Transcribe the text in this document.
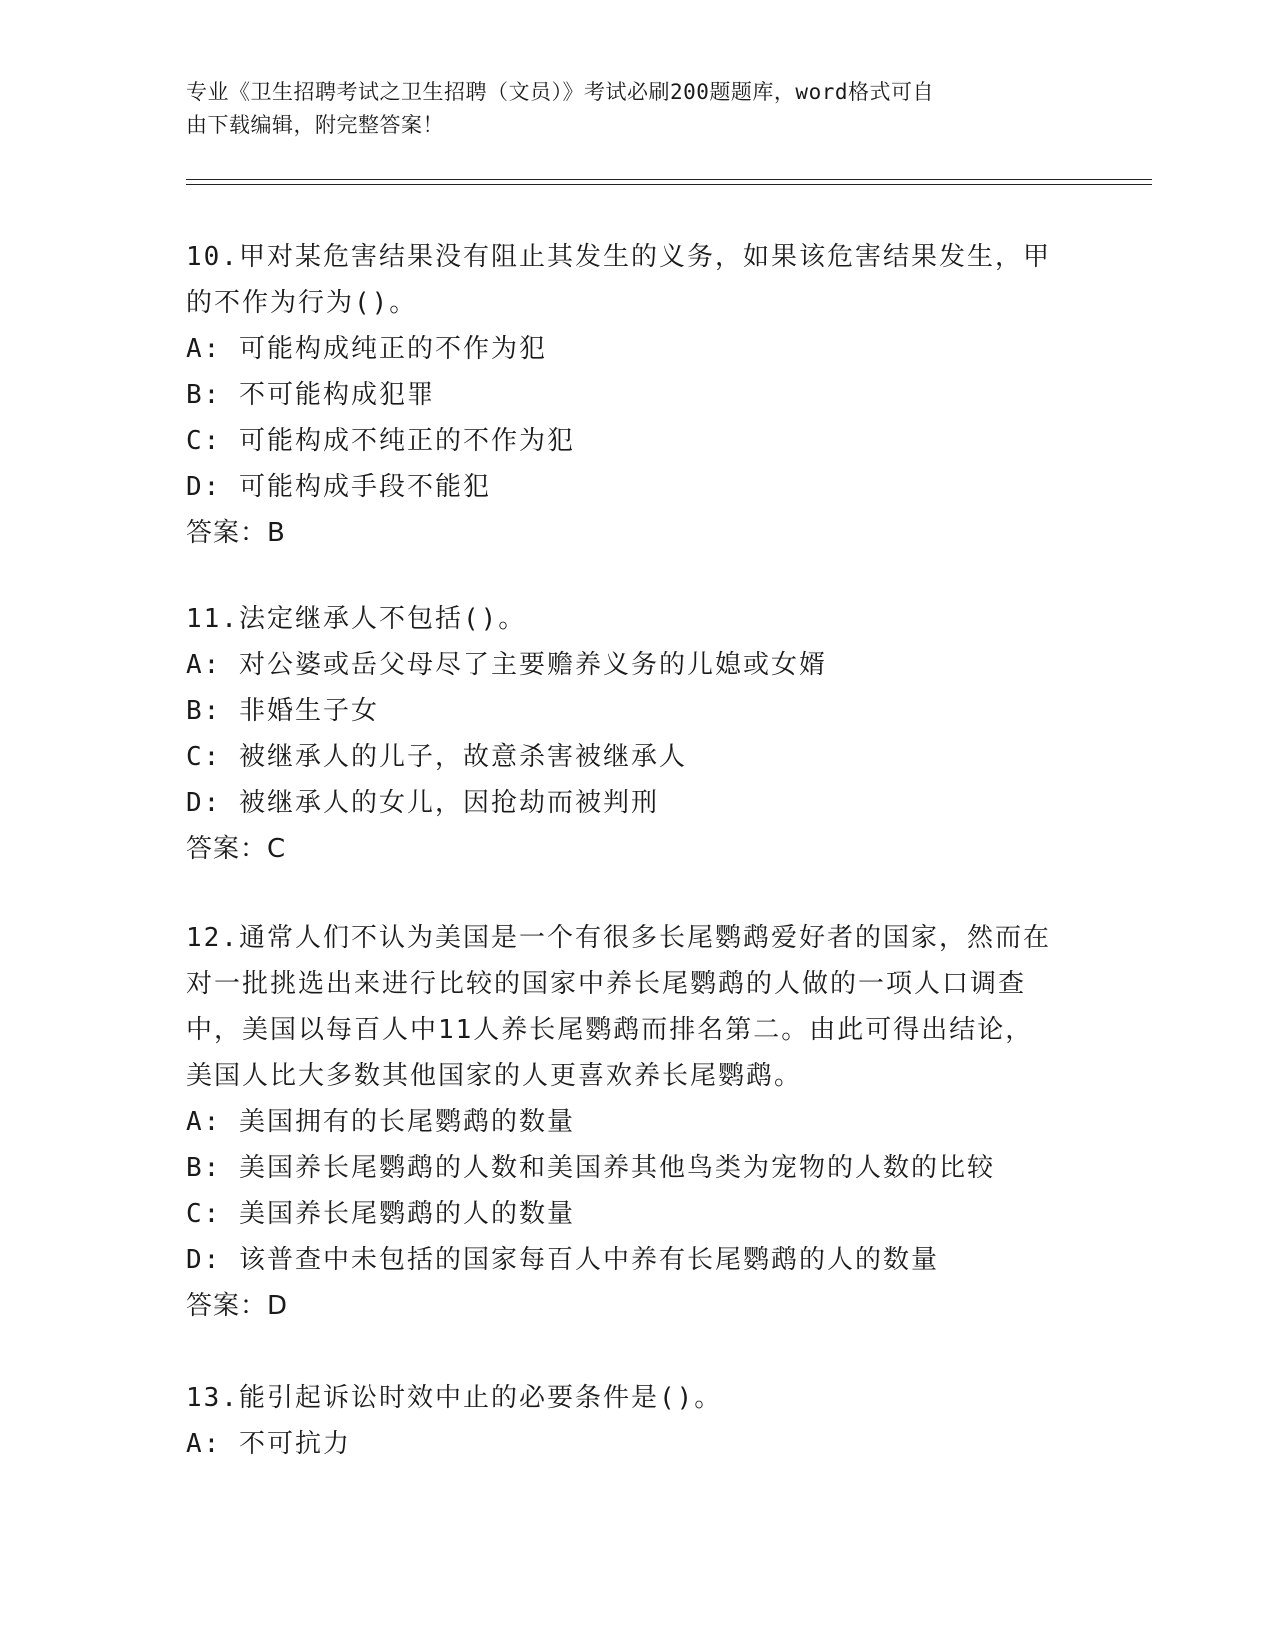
专业《卫生招聘考试之卫生招聘（文员）》考试必刷200题题库，word格式可自
由下载编辑，附完整答案！
10.甲对某危害结果没有阻止其发生的义务，如果该危害结果发生，甲
的不作为行为()。
A: 可能构成纯正的不作为犯
B: 不可能构成犯罪
C: 可能构成不纯正的不作为犯
D: 可能构成手段不能犯
答案：B
11.法定继承人不包括()。
A: 对公婆或岳父母尽了主要赡养义务的儿媳或女婿
B: 非婚生子女
C: 被继承人的儿子，故意杀害被继承人
D: 被继承人的女儿，因抢劫而被判刑
答案：C
12.通常人们不认为美国是一个有很多长尾鹦鹉爱好者的国家，然而在
对一批挑选出来进行比较的国家中养长尾鹦鹉的人做的一项人口调查
中，美国以每百人中11人养长尾鹦鹉而排名第二。由此可得出结论，
美国人比大多数其他国家的人更喜欢养长尾鹦鹉。
A: 美国拥有的长尾鹦鹉的数量
B: 美国养长尾鹦鹉的人数和美国养其他鸟类为宠物的人数的比较
C: 美国养长尾鹦鹉的人的数量
D: 该普查中未包括的国家每百人中养有长尾鹦鹉的人的数量
答案：D
13.能引起诉讼时效中止的必要条件是()。
A: 不可抗力
